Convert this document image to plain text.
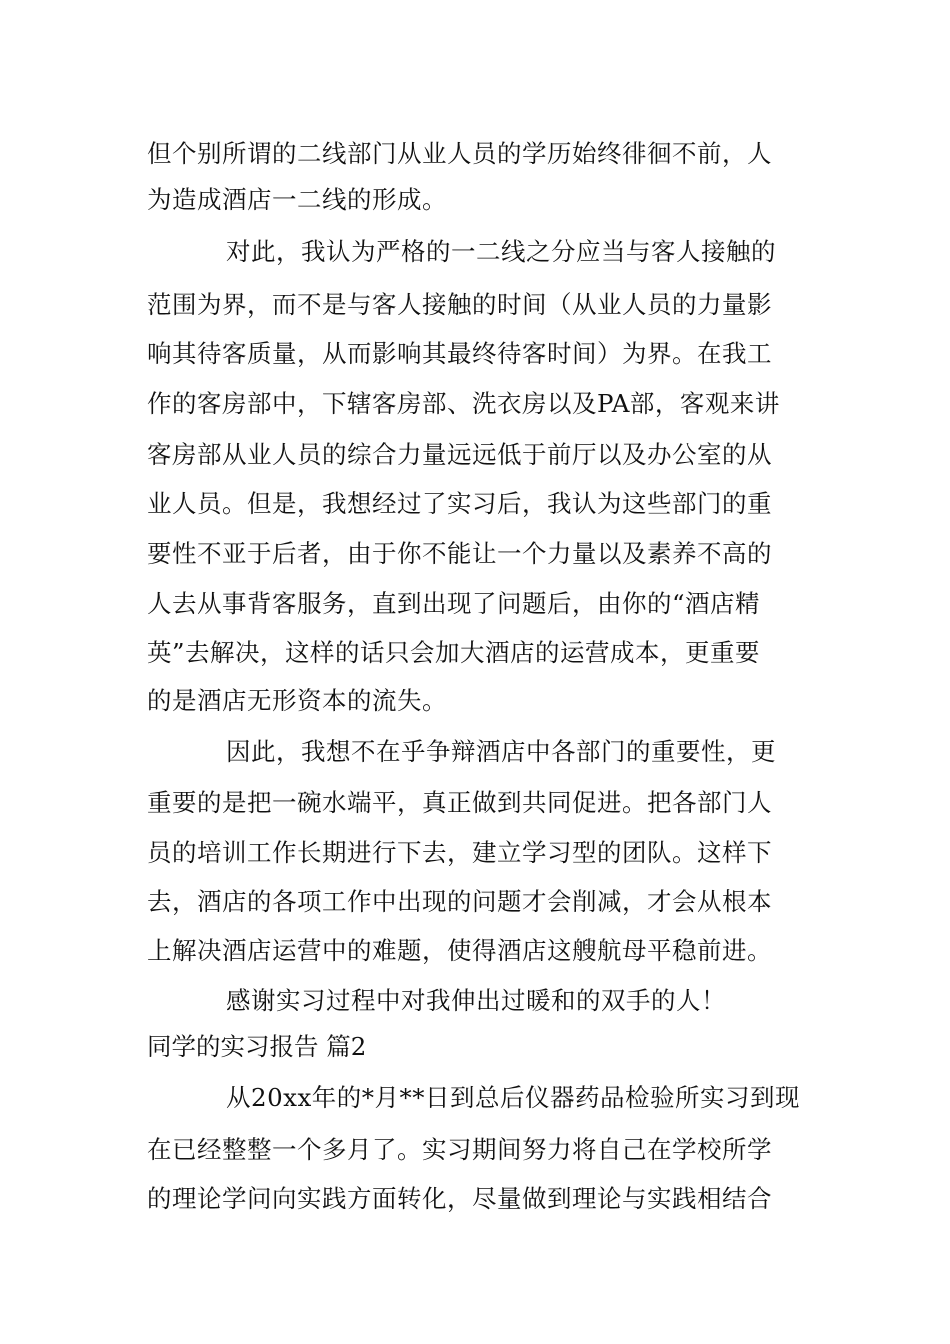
但个别所谓的二线部门从业人员的学历始终徘徊不前，人
为造成酒店一二线的形成。
对此，我认为严格的一二线之分应当与客人接触的
范围为界，而不是与客人接触的时间（从业人员的力量影
响其待客质量，从而影响其最终待客时间）为界。在我工
作的客房部中，下辖客房部、洗衣房以及PA部，客观来讲
客房部从业人员的综合力量远远低于前厅以及办公室的从
业人员。但是，我想经过了实习后，我认为这些部门的重
要性不亚于后者，由于你不能让一个力量以及素养不高的
人去从事背客服务，直到出现了问题后，由你的“酒店精
英”去解决，这样的话只会加大酒店的运营成本，更重要
的是酒店无形资本的流失。
因此，我想不在乎争辩酒店中各部门的重要性，更
重要的是把一碗水端平，真正做到共同促进。把各部门人
员的培训工作长期进行下去，建立学习型的团队。这样下
去，酒店的各项工作中出现的问题才会削减，才会从根本
上解决酒店运营中的难题，使得酒店这艘航母平稳前进。
感谢实习过程中对我伸出过暖和的双手的人！
同学的实习报告 篇2
从20xx年的*月**日到总后仪器药品检验所实习到现
在已经整整一个多月了。实习期间努力将自己在学校所学
的理论学问向实践方面转化，尽量做到理论与实践相结合
